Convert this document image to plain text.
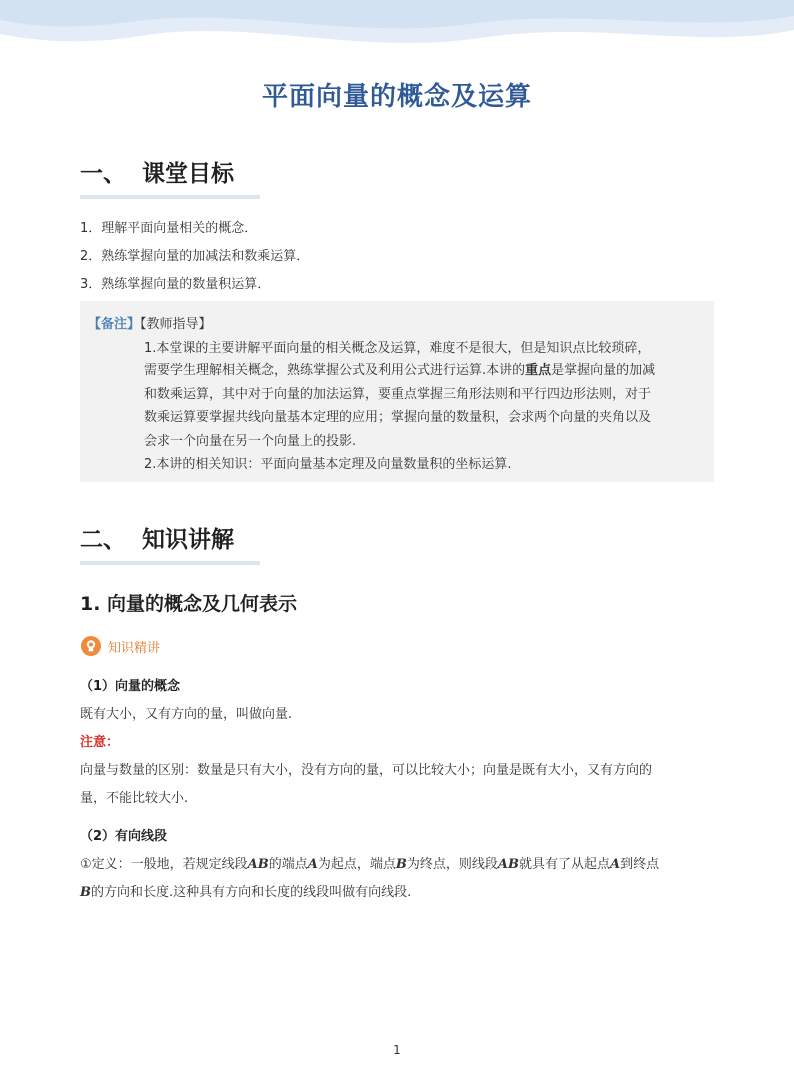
平面向量的概念及运算
一、 课堂目标
1．理解平面向量相关的概念．
2．熟练掌握向量的加减法和数乘运算．
3．熟练掌握向量的数量积运算．
【备注】【教师指导】
1.本堂课的主要讲解平面向量的相关概念及运算，难度不是很大，但是知识点比较琐碎，
需要学生理解相关概念，熟练掌握公式及利用公式进行运算.本讲的重点是掌握向量的加减
和数乘运算，其中对于向量的加法运算，要重点掌握三角形法则和平行四边形法则，对于
数乘运算要掌握共线向量基本定理的应用；掌握向量的数量积，会求两个向量的夹角以及
会求一个向量在另一个向量上的投影.
2.本讲的相关知识：平面向量基本定理及向量数量积的坐标运算.
二、 知识讲解
1. 向量的概念及几何表示
知识精讲
（1）向量的概念
既有大小，又有方向的量，叫做向量.
注意：
向量与数量的区别：数量是只有大小，没有方向的量，可以比较大小；向量是既有大小，又有方向的
量，不能比较大小.
（2）有向线段
①定义：一般地，若规定线段AB的端点A为起点，端点B为终点，则线段AB就具有了从起点A到终点
B的方向和长度.这种具有方向和长度的线段叫做有向线段.
1
